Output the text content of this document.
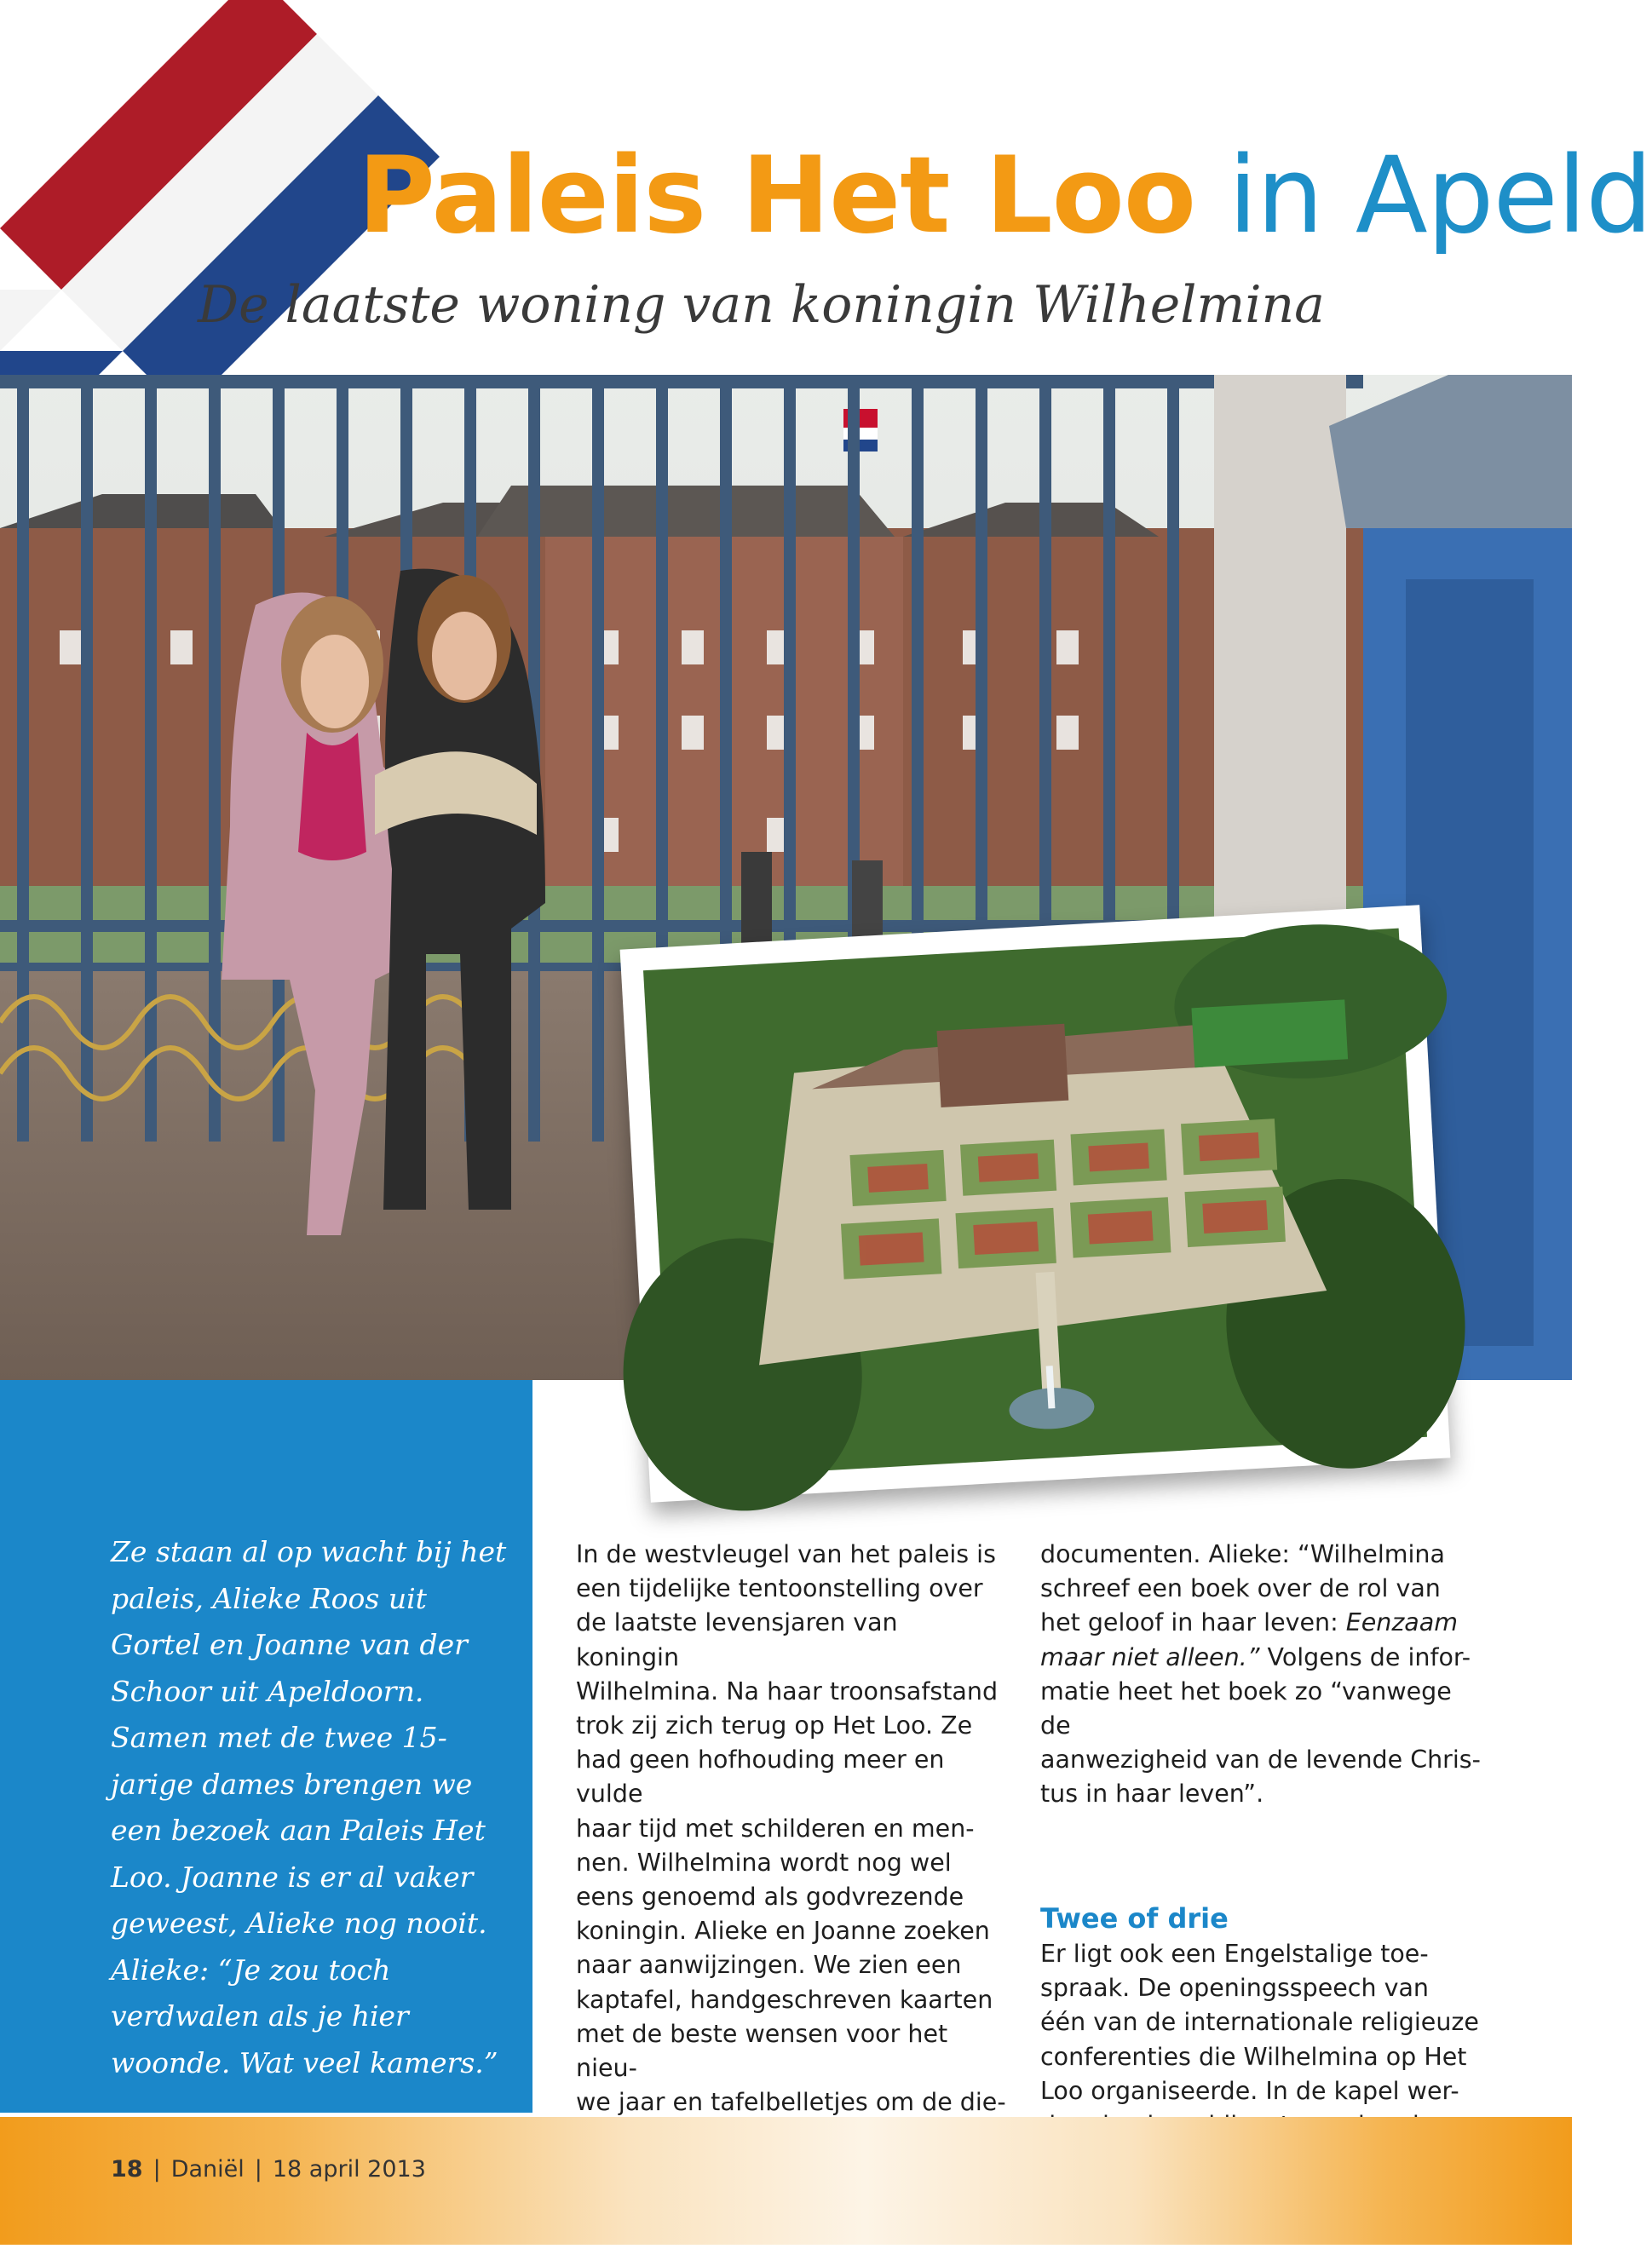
Paleis Het Loo in Apeld

De laatste woning van koningin Wilhelmina

Ze staan al op wacht bij het paleis, Alieke Roos uit Gortel en Joanne van der Schoor uit Apeldoorn. Samen met de twee 15-jarige dames brengen we een bezoek aan Paleis Het Loo. Joanne is er al vaker geweest, Alieke nog nooit. Alieke: “Je zou toch verdwalen als je hier woonde. Wat veel kamers.”

In de westvleugel van het paleis is
een tijdelijke tentoonstelling over
de laatste levensjaren van koningin
Wilhelmina. Na haar troonsafstand
trok zij zich terug op Het Loo. Ze
had geen hofhouding meer en vulde
haar tijd met schilderen en men-
nen. Wilhelmina wordt nog wel
eens genoemd als godvrezende
koningin. Alieke en Joanne zoeken
naar aanwijzingen. We zien een
kaptafel, handgeschreven kaarten
met de beste wensen voor het nieu-
we jaar en tafelbelletjes om de die-

documenten. Alieke: “Wilhelmina
schreef een boek over de rol van
het geloof in haar leven: Eenzaam
maar niet alleen.” Volgens de infor-
matie heet het boek zo “vanwege de
aanwezigheid van de levende Chris-
tus in haar leven”.

Twee of drie

Er ligt ook een Engelstalige toe-
spraak. De openingsspeech van
één van de internationale religieuze
conferenties die Wilhelmina op Het
Loo organiseerde. In de kapel wer-

18 | Daniël | 18 april 2013
